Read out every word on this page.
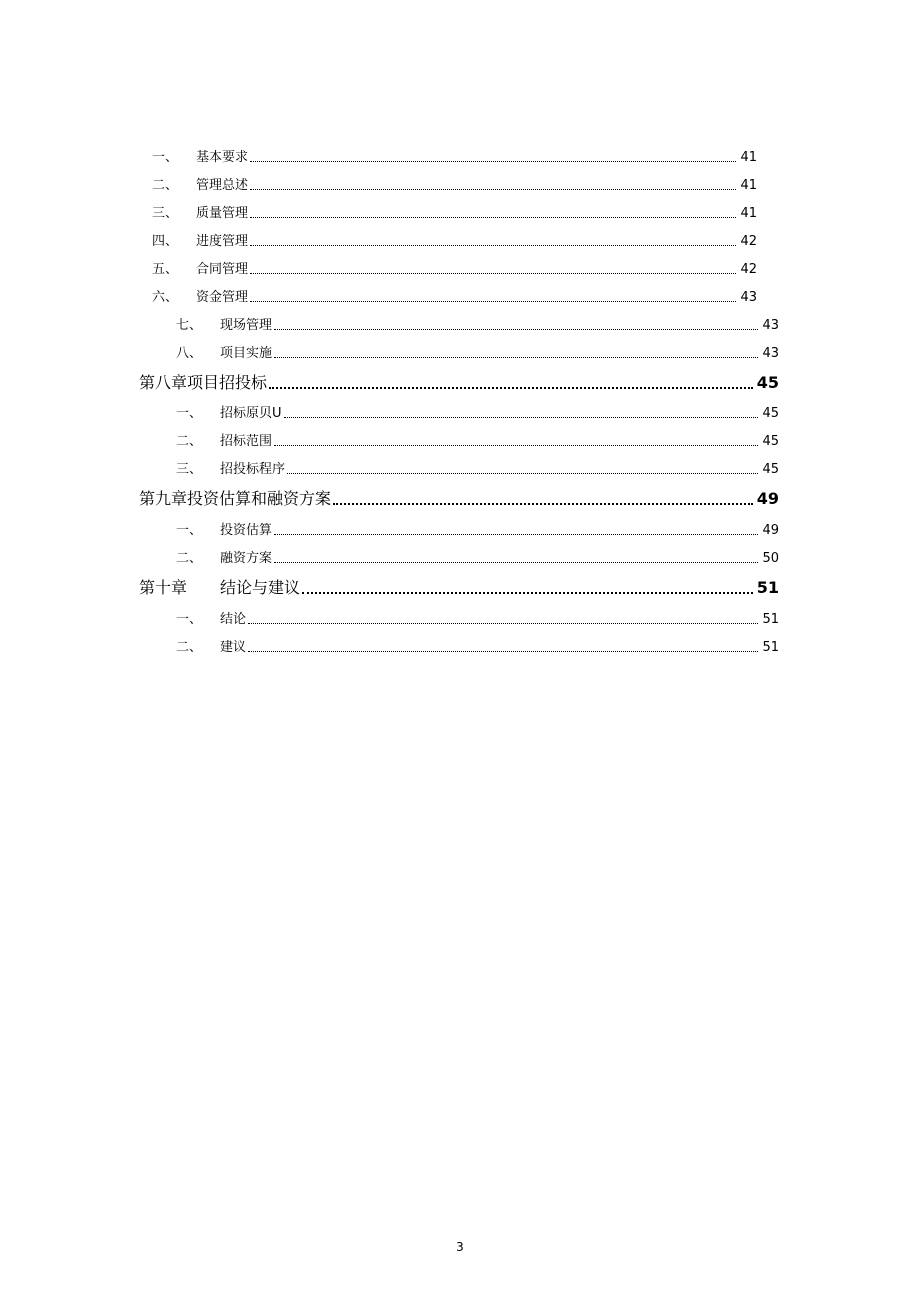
一、	基本要求	41
二、	管理总述	41
三、	质量管理	41
四、	进度管理	42
五、	合同管理	42
六、	资金管理	43
七、	现场管理	43
八、	项目实施	43
第八章项目招投标	45
一、	招标原贝U	45
二、	招标范围	45
三、	招投标程序	45
第九章投资估算和融资方案	49
一、	投资估算	49
二、	融资方案	50
第十章	结论与建议	51
一、	结论	51
二、	建议	51
3
